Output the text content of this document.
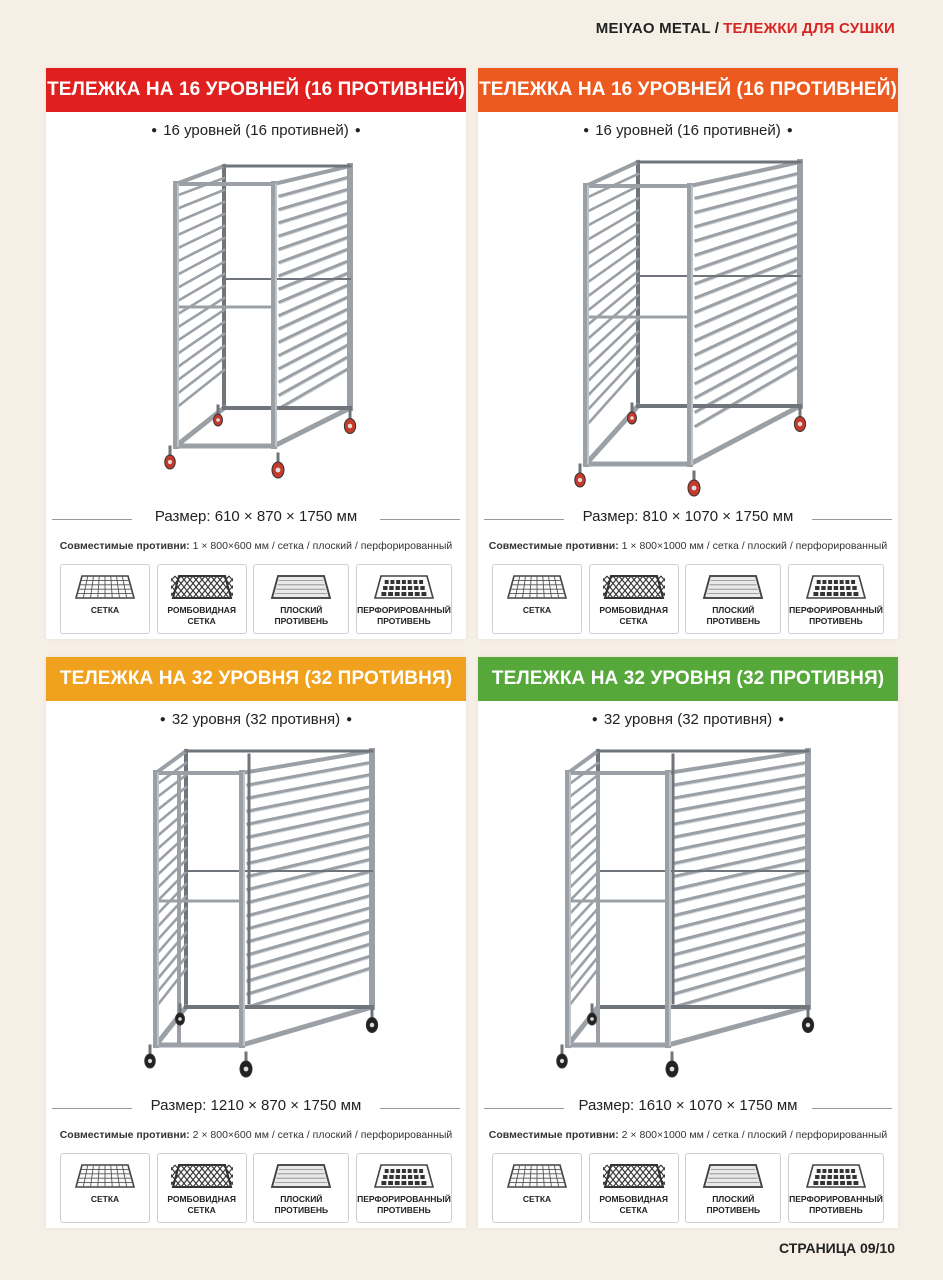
MEIYAO METAL / ТЕЛЕЖКИ ДЛЯ СУШКИ
ТЕЛЕЖКА НА 16 УРОВНЕЙ (16 ПРОТИВНЕЙ)
● 16 уровней (16 противней) ●
Размер: 610 × 870 × 1750 мм
Совместимые противни: 1 × 800×600 мм / сетка / плоский / перфорированный
СЕТКА	РОМБОВИДНАЯ
СЕТКА
ПЛОСКИЙ
ПРОТИВЕНЬ
ПЕРФОРИРОВАННЫЙ
ПРОТИВЕНЬ
ТЕЛЕЖКА НА 16 УРОВНЕЙ (16 ПРОТИВНЕЙ)
● 16 уровней (16 противней) ●
Размер: 810 × 1070 × 1750 мм
Совместимые противни: 1 × 800×1000 мм / сетка / плоский / перфорированный
СЕТКА	РОМБОВИДНАЯ
СЕТКА
ПЛОСКИЙ
ПРОТИВЕНЬ
ПЕРФОРИРОВАННЫЙ
ПРОТИВЕНЬ
ТЕЛЕЖКА НА 32 УРОВНЯ (32 ПРОТИВНЯ)
● 32 уровня (32 противня) ●
Размер: 1210 × 870 × 1750 мм
Совместимые противни: 2 × 800×600 мм / сетка / плоский / перфорированный
СЕТКА	РОМБОВИДНАЯ
СЕТКА
ПЛОСКИЙ
ПРОТИВЕНЬ
ПЕРФОРИРОВАННЫЙ
ПРОТИВЕНЬ
ТЕЛЕЖКА НА 32 УРОВНЯ (32 ПРОТИВНЯ)
● 32 уровня (32 противня) ●
Размер: 1610 × 1070 × 1750 мм
Совместимые противни: 2 × 800×1000 мм / сетка / плоский / перфорированный
СЕТКА	РОМБОВИДНАЯ
СЕТКА
ПЛОСКИЙ
ПРОТИВЕНЬ
ПЕРФОРИРОВАННЫЙ
ПРОТИВЕНЬ
СТРАНИЦА 09/10
